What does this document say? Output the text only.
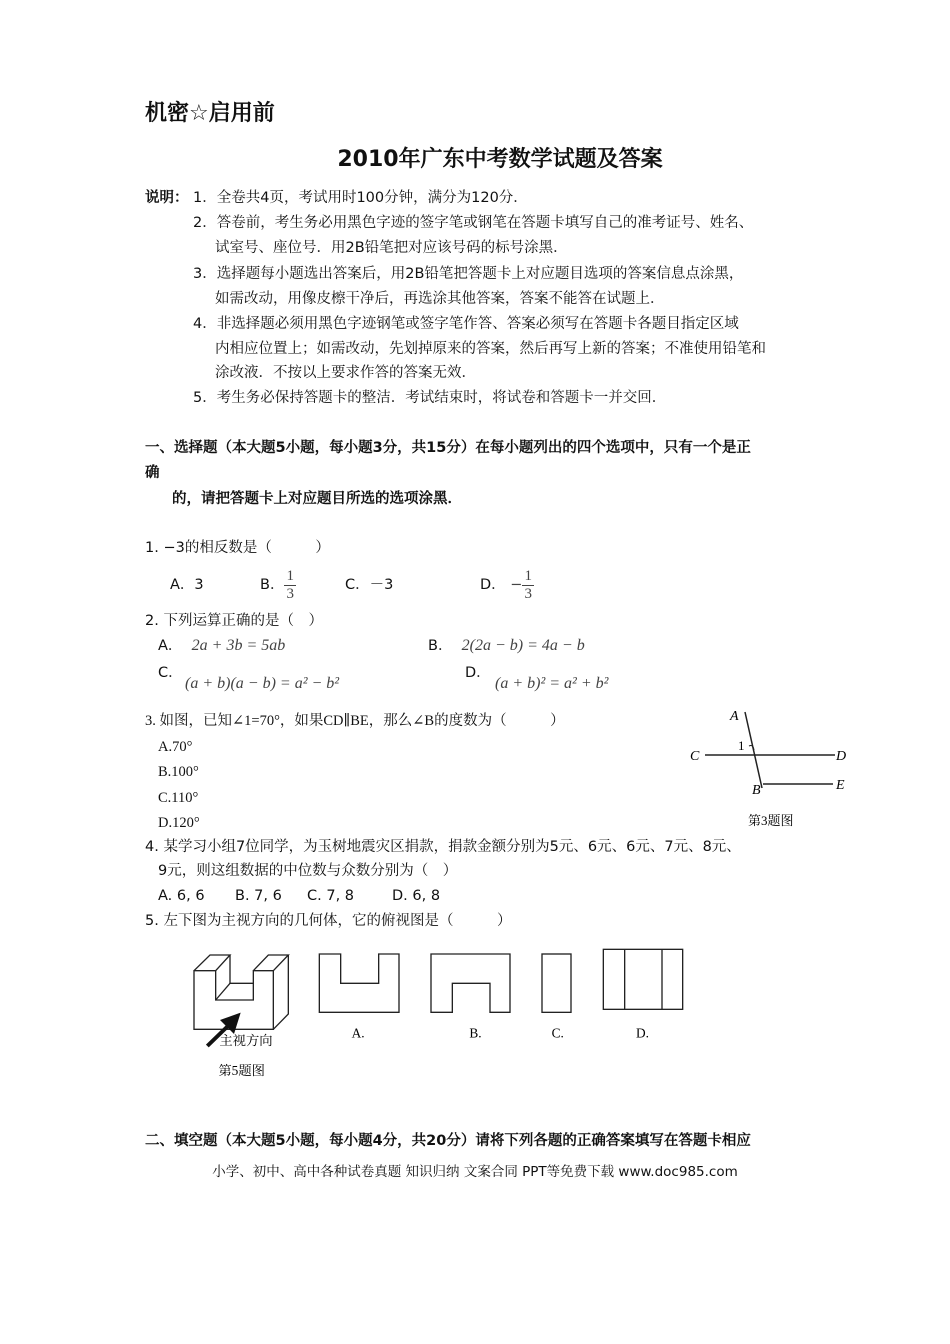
机密☆启用前
2010年广东中考数学试题及答案
说明： 1．全卷共4页，考试用时100分钟，满分为120分．
2．答卷前，考生务必用黑色字迹的签字笔或钢笔在答题卡填写自己的准考证号、姓名、
试室号、座位号．用2B铅笔把对应该号码的标号涂黑．
3．选择题每小题选出答案后，用2B铅笔把答题卡上对应题目选项的答案信息点涂黑，
如需改动，用像皮檫干净后，再选涂其他答案，答案不能答在试题上．
4．非选择题必须用黑色字迹钢笔或签字笔作答、答案必须写在答题卡各题目指定区域
内相应位置上；如需改动，先划掉原来的答案，然后再写上新的答案；不准使用铅笔和
涂改液．不按以上要求作答的答案无效．
5．考生务必保持答题卡的整洁．考试结束时，将试卷和答题卡一并交回．
一、选择题（本大题5小题，每小题3分，共15分）在每小题列出的四个选项中，只有一个是正
确
的，请把答题卡上对应题目所选的选项涂黑．
1. −3的相反数是（　　　）
A．3	B． $\frac{1}{3}$	C．－3	D． − $\frac{1}{3}$
2. 下列运算正确的是（　）
A． 2a + 3b = 5ab	B． 2(2a − b) = 4a − b
C．
(a + b)(a − b) = a² − b²
D．
(a + b)² = a² + b²
3. 如图，已知∠1=70°，如果CD∥BE，那么∠B的度数为（　　　）
A.70°
B.100°
C.110°
D.120°
A
1
C	D
B	E
第3题图
4. 某学习小组7位同学，为玉树地震灾区捐款，捐款金额分别为5元、6元、6元、7元、8元、
9元，则这组数据的中位数与众数分别为（　）
A. 6, 6 B. 7, 6 C. 7, 8	D. 6, 8
5. 左下图为主视方向的几何体，它的俯视图是（　　　）
主视方向
第5题图
A.	B. C. D.
二、填空题（本大题5小题，每小题4分，共20分）请将下列各题的正确答案填写在答题卡相应
小学、初中、高中各种试卷真题 知识归纳 文案合同 PPT等免费下载 www.doc985.com
